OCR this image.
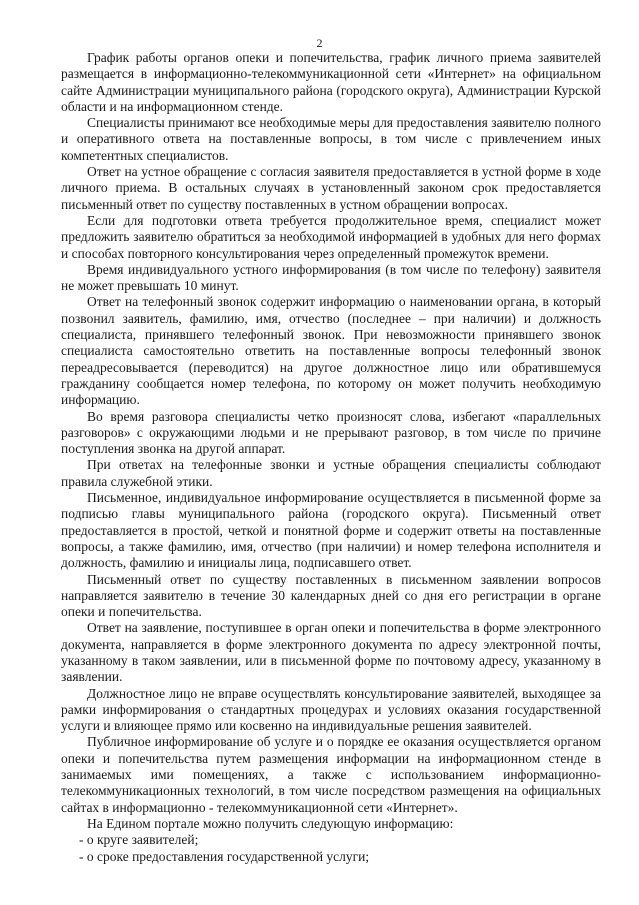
2

График работы органов опеки и попечительства, график личного приема заявителей размещается в информационно-телекоммуникационной сети «Интернет» на официальном сайте Администрации муниципального района (городского округа), Администрации Курской области и на информационном стенде.

Специалисты принимают все необходимые меры для предоставления заявителю полного и оперативного ответа на поставленные вопросы, в том числе с привлечением иных компетентных специалистов.

Ответ на устное обращение с согласия заявителя предоставляется в устной форме в ходе личного приема. В остальных случаях в установленный законом срок предоставляется письменный ответ по существу поставленных в устном обращении вопросах.

Если для подготовки ответа требуется продолжительное время, специалист может предложить заявителю обратиться за необходимой информацией в удобных для него формах и способах повторного консультирования через определенный промежуток времени.

Время индивидуального устного информирования (в том числе по телефону) заявителя не может превышать 10 минут.

Ответ на телефонный звонок содержит информацию о наименовании органа, в который позвонил заявитель, фамилию, имя, отчество (последнее – при наличии) и должность специалиста, принявшего телефонный звонок. При невозможности принявшего звонок специалиста самостоятельно ответить на поставленные вопросы телефонный звонок переадресовывается (переводится) на другое должностное лицо или обратившемуся гражданину сообщается номер телефона, по которому он может получить необходимую информацию.

Во время разговора специалисты четко произносят слова, избегают «параллельных разговоров» с окружающими людьми и не прерывают разговор, в том числе по причине поступления звонка на другой аппарат.

При ответах на телефонные звонки и устные обращения специалисты соблюдают правила служебной этики.

Письменное, индивидуальное информирование осуществляется в письменной форме за подписью главы муниципального района (городского округа). Письменный ответ предоставляется в простой, четкой и понятной форме и содержит ответы на поставленные вопросы, а также фамилию, имя, отчество (при наличии) и номер телефона исполнителя и должность, фамилию и инициалы лица, подписавшего ответ.

Письменный ответ по существу поставленных в письменном заявлении вопросов направляется заявителю в течение 30 календарных дней со дня его регистрации в органе опеки и попечительства.

Ответ на заявление, поступившее в орган опеки и попечительства в форме электронного документа, направляется в форме электронного документа по адресу электронной почты, указанному в таком заявлении, или в письменной форме по почтовому адресу, указанному в заявлении.

Должностное лицо не вправе осуществлять консультирование заявителей, выходящее за рамки информирования о стандартных процедурах и условиях оказания государственной услуги и влияющее прямо или косвенно на индивидуальные решения заявителей.

Публичное информирование об услуге и о порядке ее оказания осуществляется органом опеки и попечительства путем размещения информации на информационном стенде в занимаемых ими помещениях, а также с использованием информационно-телекоммуникационных технологий, в том числе посредством размещения на официальных сайтах в информационно - телекоммуникационной сети «Интернет».

На Едином портале можно получить следующую информацию:

- о круге заявителей;

- о сроке предоставления государственной услуги;
